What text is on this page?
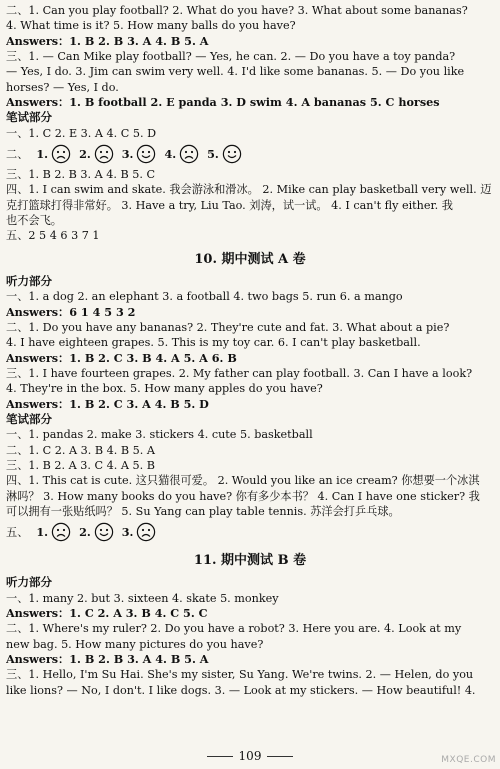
二、1. Can you play football? 2. What do you have? 3. What about some bananas?
4. What time is it? 5. How many balls do you have?
Answers：1. B 2. B 3. A 4. B 5. A
三、1. — Can Mike play football? — Yes, he can. 2. — Do you have a toy panda?
— Yes, I do. 3. Jim can swim very well. 4. I'd like some bananas. 5. — Do you like
horses? — Yes, I do.
Answers：1. B football 2. E panda 3. D swim 4. A bananas 5. C horses
笔试部分
一、1. C 2. E 3. A 4. C 5. D
二、 1.	2.	3.	4.	5.
三、1. B 2. B 3. A 4. B 5. C
四、1. I can swim and skate. 我会游泳和滑冰。 2. Mike can play basketball very well. 迈
克打篮球打得非常好。 3. Have a try, Liu Tao. 刘涛，试一试。 4. I can't fly either. 我
也不会飞。
五、2 5 4 6 3 7 1
10. 期中测试 A 卷
听力部分
一、1. a dog 2. an elephant 3. a football 4. two bags 5. run 6. a mango
Answers：6 1 4 5 3 2
二、1. Do you have any bananas? 2. They're cute and fat. 3. What about a pie?
4. I have eighteen grapes. 5. This is my toy car. 6. I can't play basketball.
Answers：1. B 2. C 3. B 4. A 5. A 6. B
三、1. I have fourteen grapes. 2. My father can play football. 3. Can I have a look?
4. They're in the box. 5. How many apples do you have?
Answers：1. B 2. C 3. A 4. B 5. D
笔试部分
一、1. pandas 2. make 3. stickers 4. cute 5. basketball
二、1. C 2. A 3. B 4. B 5. A
三、1. B 2. A 3. C 4. A 5. B
四、1. This cat is cute. 这只猫很可爱。 2. Would you like an ice cream? 你想要一个冰淇
淋吗？ 3. How many books do you have? 你有多少本书？ 4. Can I have one sticker? 我
可以拥有一张贴纸吗？ 5. Su Yang can play table tennis. 苏洋会打乒乓球。
五、 1.	2.	3.
11. 期中测试 B 卷
听力部分
一、1. many 2. but 3. sixteen 4. skate 5. monkey
Answers：1. C 2. A 3. B 4. C 5. C
二、1. Where's my ruler? 2. Do you have a robot? 3. Here you are. 4. Look at my
new bag. 5. How many pictures do you have?
Answers：1. B 2. B 3. A 4. B 5. A
三、1. Hello, I'm Su Hai. She's my sister, Su Yang. We're twins. 2. — Helen, do you
like lions? — No, I don't. I like dogs. 3. — Look at my stickers. — How beautiful! 4.
109	MXQE.COM
